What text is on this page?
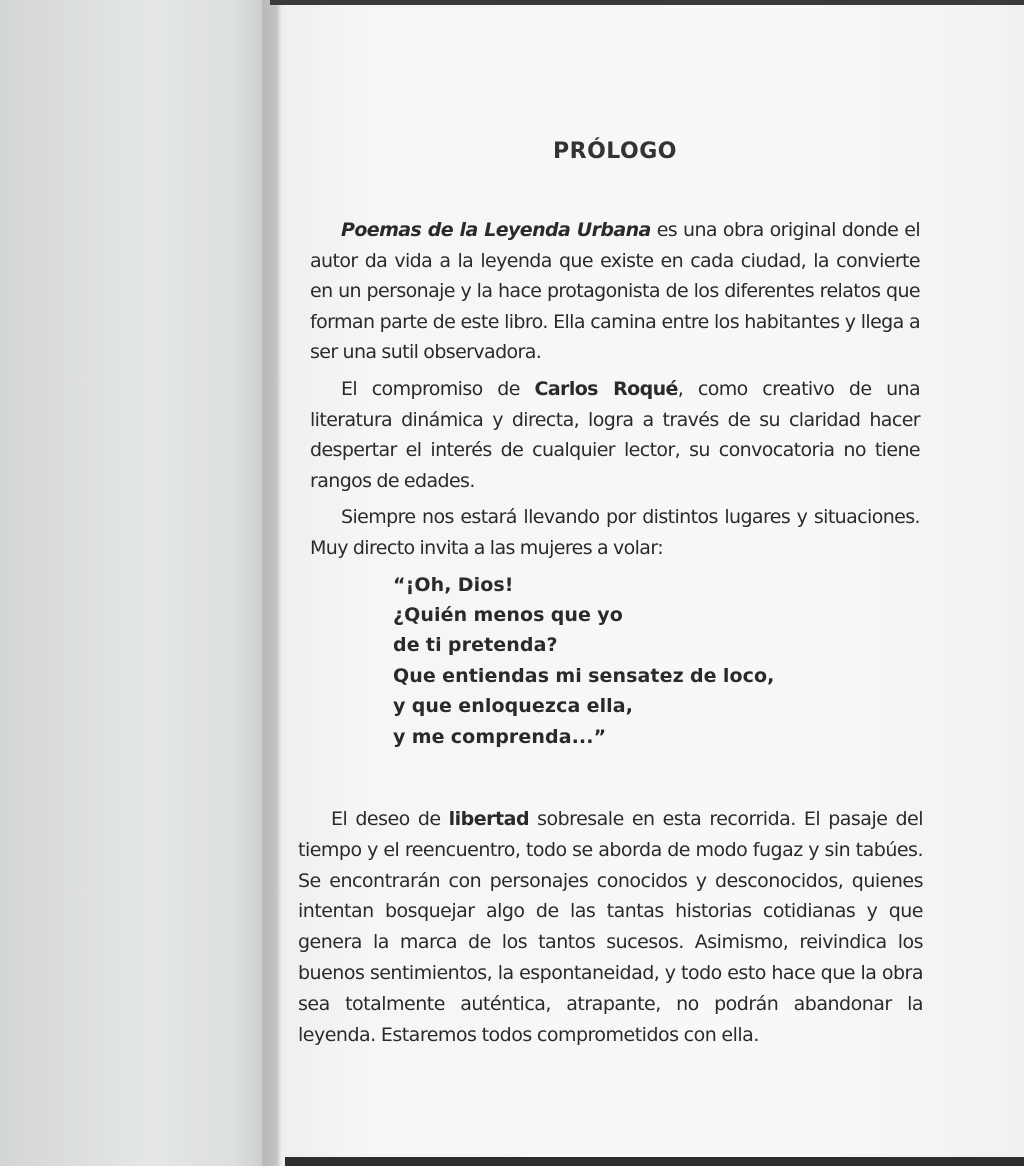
PRÓLOGO

Poemas de la Leyenda Urbana es una obra original donde el autor da vida a la leyenda que existe en cada ciudad, la convierte en un personaje y la hace protagonista de los diferentes relatos que forman parte de este libro. Ella camina entre los habitantes y llega a ser una sutil observadora.

El compromiso de Carlos Roqué, como creativo de una literatura dinámica y directa, logra a través de su claridad hacer despertar el interés de cualquier lector, su convocatoria no tiene rangos de edades.

Siempre nos estará llevando por distintos lugares y situaciones. Muy directo invita a las mujeres a volar:

“¡Oh, Dios!
¿Quién menos que yo
de ti pretenda?
Que entiendas mi sensatez de loco,
y que enloquezca ella,
y me comprenda...”

El deseo de libertad sobresale en esta recorrida. El pasaje del tiempo y el reencuentro, todo se aborda de modo fugaz y sin tabúes. Se encontrarán con personajes conocidos y desconocidos, quienes intentan bosquejar algo de las tantas historias cotidianas y que genera la marca de los tantos sucesos. Asimismo, reivindica los buenos sentimientos, la espontaneidad, y todo esto hace que la obra sea totalmente auténtica, atrapante, no podrán abandonar la leyenda. Estaremos todos comprometidos con ella.
